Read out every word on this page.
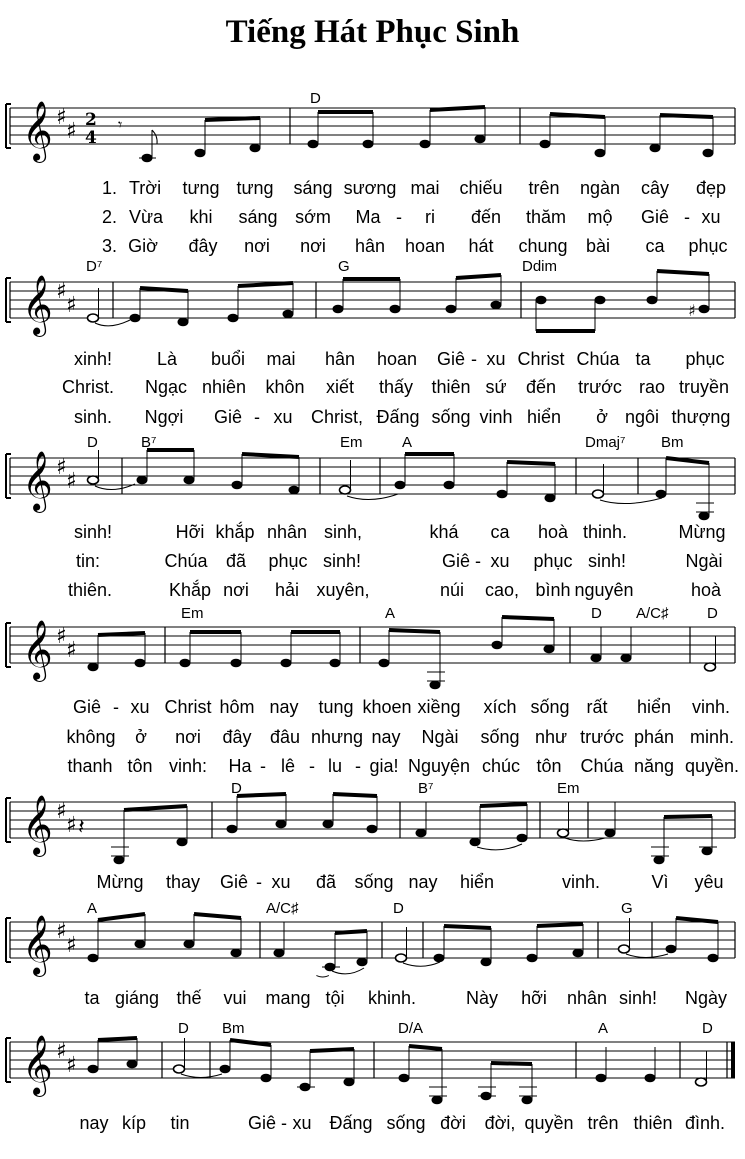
Tiếng Hát Phục Sinh
𝄞 ♯
♯ 2
4
𝄾
D
1. Trời tưng tưng sáng sương mai chiếu trên ngàn cây đẹp
2. Vừa khi sáng sớm Ma - ri đến thăm mộ Giê - xu
3. Giờ đây nơi nơi hân hoan hát chung bài ca phục
𝄞 ♯
♯	♯
D⁷	G	Ddim
xinh! Là buổi mai hân hoan Giê - xu Christ Chúa ta phục
Christ. Ngạc nhiên khôn xiết thấy thiên sứ đến trước rao truyền
sinh. Ngợi Giê - xu Christ, Đấng sống vinh hiển ở ngôi thượng
𝄞 ♯
♯
D	B⁷	Em	A	Dmaj⁷ Bm
sinh!	Hỡi khắp nhân sinh,	khá ca hoà thinh.	Mừng
tin:	Chúa đã phục sinh!	Giê - xu phục sinh!	Ngài
thiên.	Khắp nơi hải xuyên,	núi cao, bình nguyên	hoà
𝄞 ♯
♯
Em	A	D A/C♯	D
Giê - xu Christ hôm nay tung khoen xiềng xích sống rất hiển vinh.
không ở nơi đây đâu nhưng nay Ngài sống như trước phán minh.
thanh tôn vinh: Ha - lê - lu - gia! Nguyện chúc tôn Chúa năng quyền.
𝄞 ♯
♯ 𝄽
D	B⁷	Em
Mừng thay Giê - xu đã sống nay hiển	vinh.	Vì yêu
𝄞 ♯
♯
‿
A	A/C♯	D	G
ta giáng thế vui mang tội khinh.	Này hỡi nhân sinh! Ngày
𝄞 ♯
♯
D Bm	D/A	A	D
nay kíp tin	Giê - xu Đấng sống đời đời, quyền trên thiên đình.
